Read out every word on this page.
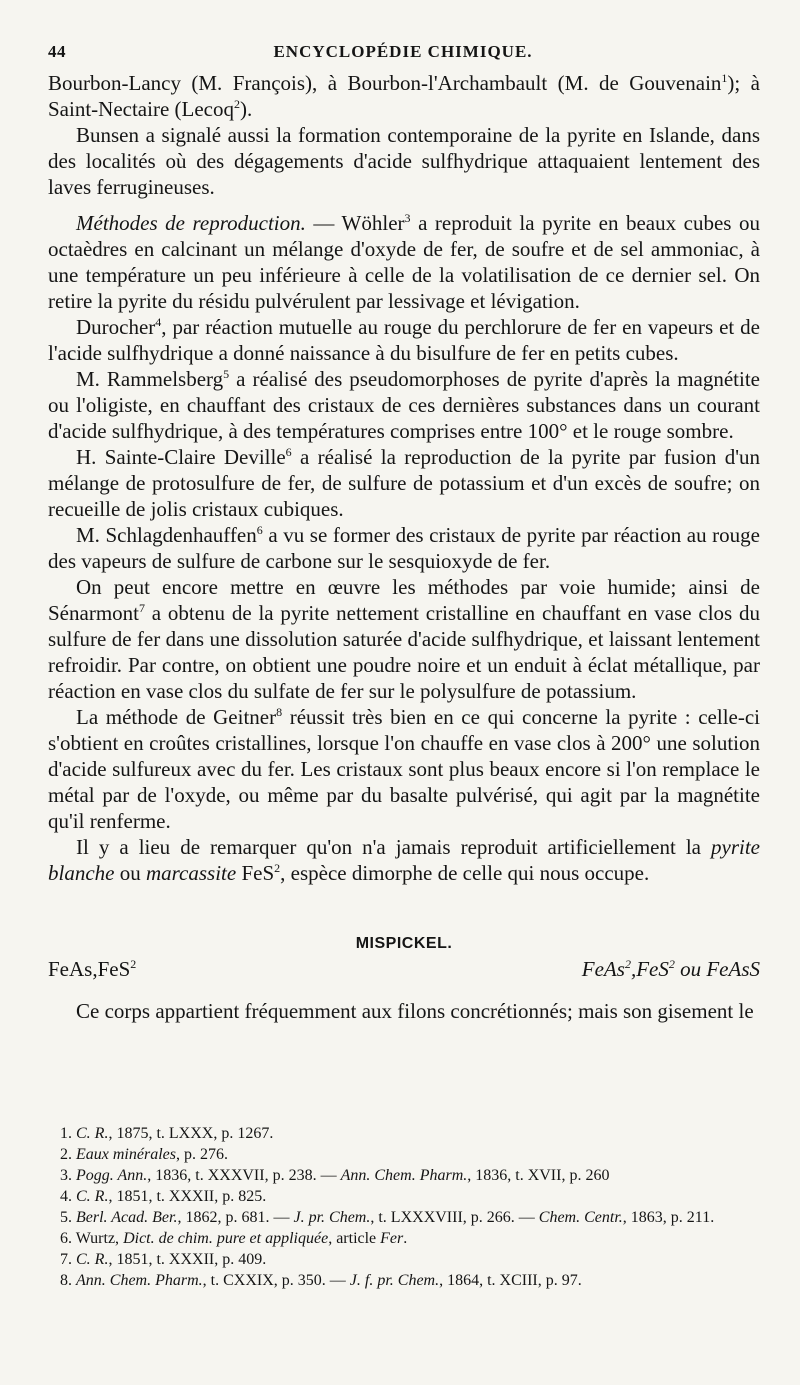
44	ENCYCLOPÉDIE CHIMIQUE.

Bourbon-Lancy (M. François), à Bourbon-l'Archambault (M. de Gouvenain$^1$); à Saint-Nectaire (Lecoq$^2$).

Bunsen a signalé aussi la formation contemporaine de la pyrite en Islande, dans des localités où des dégagements d'acide sulfhydrique attaquaient lentement des laves ferrugineuses.

Méthodes de reproduction. — Wöhler$^3$ a reproduit la pyrite en beaux cubes ou octaèdres en calcinant un mélange d'oxyde de fer, de soufre et de sel ammoniac, à une température un peu inférieure à celle de la volatilisation de ce dernier sel. On retire la pyrite du résidu pulvérulent par lessivage et lévigation.

Durocher$^4$, par réaction mutuelle au rouge du perchlorure de fer en vapeurs et de l'acide sulfhydrique a donné naissance à du bisulfure de fer en petits cubes.

M. Rammelsberg$^5$ a réalisé des pseudomorphoses de pyrite d'après la magnétite ou l'oligiste, en chauffant des cristaux de ces dernières substances dans un courant d'acide sulfhydrique, à des températures comprises entre 100° et le rouge sombre.

H. Sainte-Claire Deville$^6$ a réalisé la reproduction de la pyrite par fusion d'un mélange de protosulfure de fer, de sulfure de potassium et d'un excès de soufre; on recueille de jolis cristaux cubiques.

M. Schlagdenhauffen$^6$ a vu se former des cristaux de pyrite par réaction au rouge des vapeurs de sulfure de carbone sur le sesquioxyde de fer.

On peut encore mettre en œuvre les méthodes par voie humide; ainsi de Sénarmont$^7$ a obtenu de la pyrite nettement cristalline en chauffant en vase clos du sulfure de fer dans une dissolution saturée d'acide sulfhydrique, et laissant lentement refroidir. Par contre, on obtient une poudre noire et un enduit à éclat métallique, par réaction en vase clos du sulfate de fer sur le polysulfure de potassium.

La méthode de Geitner$^8$ réussit très bien en ce qui concerne la pyrite : celle-ci s'obtient en croûtes cristallines, lorsque l'on chauffe en vase clos à 200° une solution d'acide sulfureux avec du fer. Les cristaux sont plus beaux encore si l'on remplace le métal par de l'oxyde, ou même par du basalte pulvérisé, qui agit par la magnétite qu'il renferme.

Il y a lieu de remarquer qu'on n'a jamais reproduit artificiellement la pyrite blanche ou marcassite FeS$^2$, espèce dimorphe de celle qui nous occupe.

MISPICKEL.
FeAs,FeS$^2$	FeAs$^2$,FeS$^2$ ou FeAsS

Ce corps appartient fréquemment aux filons concrétionnés; mais son gisement le

1. C. R., 1875, t. LXXX, p. 1267.
2. Eaux minérales, p. 276.
3. Pogg. Ann., 1836, t. XXXVII, p. 238. — Ann. Chem. Pharm., 1836, t. XVII, p. 260
4. C. R., 1851, t. XXXII, p. 825.
5. Berl. Acad. Ber., 1862, p. 681. — J. pr. Chem., t. LXXXVIII, p. 266. — Chem. Centr., 1863, p. 211.
6. Wurtz, Dict. de chim. pure et appliquée, article Fer.
7. C. R., 1851, t. XXXII, p. 409.
8. Ann. Chem. Pharm., t. CXXIX, p. 350. — J. f. pr. Chem., 1864, t. XCIII, p. 97.
